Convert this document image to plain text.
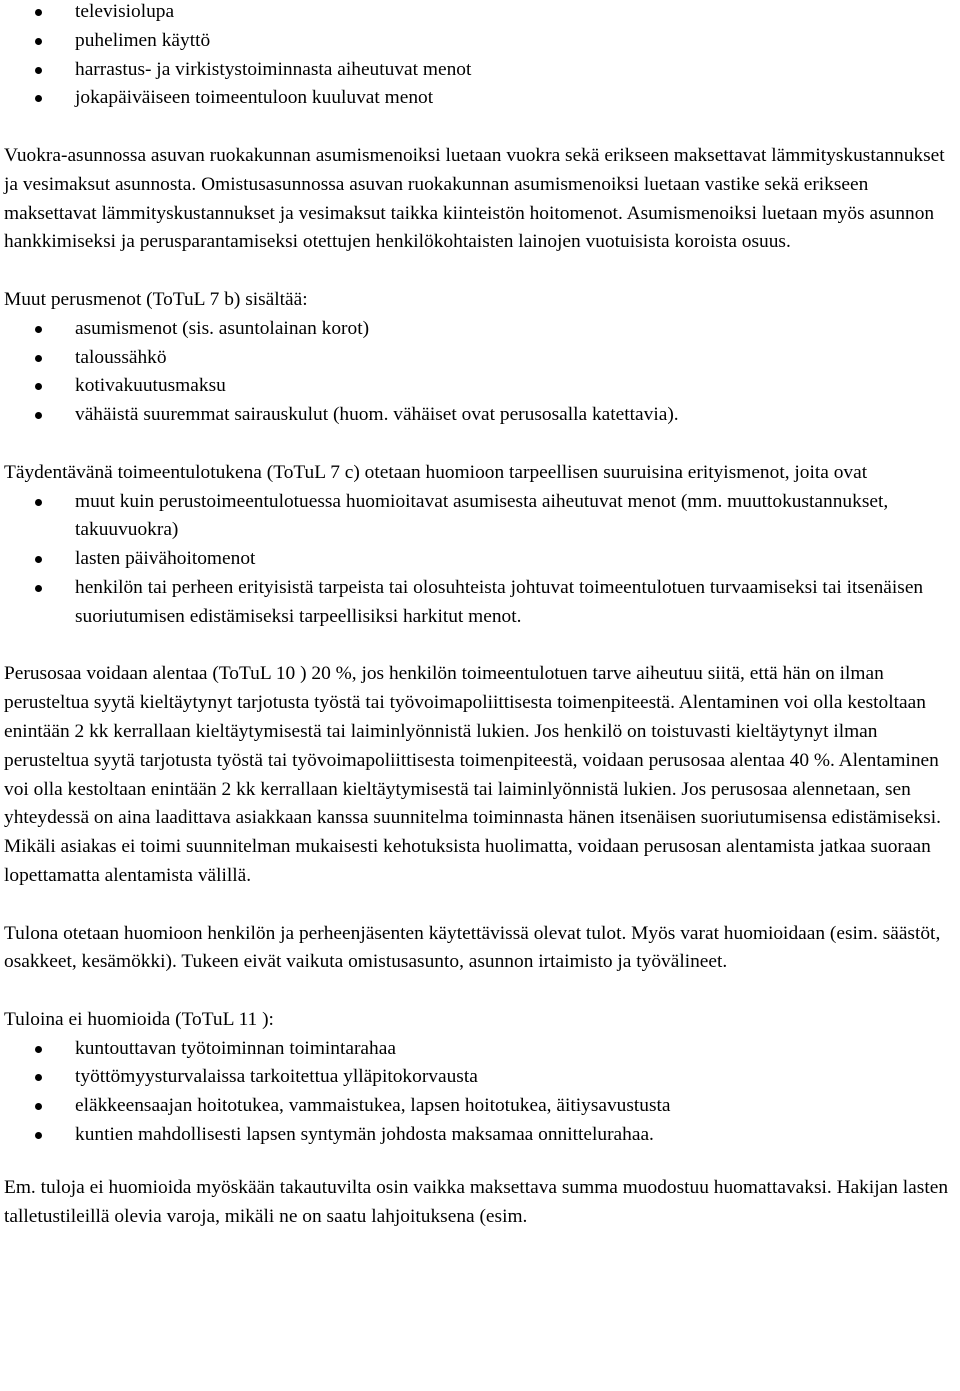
televisiolupa
puhelimen käyttö
harrastus- ja virkistystoiminnasta aiheutuvat menot
jokapäiväiseen toimeentuloon kuuluvat menot

Vuokra-asunnossa asuvan ruokakunnan asumismenoiksi luetaan vuokra sekä erikseen maksettavat lämmityskustannukset ja vesimaksut asunnosta. Omistusasunnossa asuvan ruokakunnan asumismenoiksi luetaan vastike sekä erikseen maksettavat lämmityskustannukset ja vesimaksut taikka kiinteistön hoitomenot. Asumismenoiksi luetaan myös asunnon hankkimiseksi ja perusparantamiseksi otettujen henkilökohtaisten lainojen vuotuisista koroista osuus.

Muut perusmenot (ToTuL 7 b) sisältää:

asumismenot (sis. asuntolainan korot)
taloussähkö
kotivakuutusmaksu
vähäistä suuremmat sairauskulut (huom. vähäiset ovat perusosalla katettavia).

Täydentävänä toimeentulotukena (ToTuL 7 c) otetaan huomioon tarpeellisen suuruisina erityismenot, joita ovat

muut kuin perustoimeentulotuessa huomioitavat asumisesta aiheutuvat menot (mm. muuttokustannukset, takuuvuokra)
lasten päivähoitomenot
henkilön tai perheen erityisistä tarpeista tai olosuhteista johtuvat toimeentulotuen turvaamiseksi tai itsenäisen suoriutumisen edistämiseksi tarpeellisiksi harkitut menot.

Perusosaa voidaan alentaa (ToTuL 10 ) 20 %, jos henkilön toimeentulotuen tarve aiheutuu siitä, että hän on ilman perusteltua syytä kieltäytynyt tarjotusta työstä tai työvoimapoliittisesta toimenpiteestä. Alentaminen voi olla kestoltaan enintään 2 kk kerrallaan kieltäytymisestä tai laiminlyönnistä lukien. Jos henkilö on toistuvasti kieltäytynyt ilman perusteltua syytä tarjotusta työstä tai työvoimapoliittisesta toimenpiteestä, voidaan perusosaa alentaa 40 %. Alentaminen voi olla kestoltaan enintään 2 kk kerrallaan kieltäytymisestä tai laiminlyönnistä lukien. Jos perusosaa alennetaan, sen yhteydessä on aina laadittava asiakkaan kanssa suunnitelma toiminnasta hänen itsenäisen suoriutumisensa edistämiseksi. Mikäli asiakas ei toimi suunnitelman mukaisesti kehotuksista huolimatta, voidaan perusosan alentamista jatkaa suoraan lopettamatta alentamista välillä.

Tulona otetaan huomioon henkilön ja perheenjäsenten käytettävissä olevat tulot. Myös varat huomioidaan (esim. säästöt, osakkeet, kesämökki). Tukeen eivät vaikuta omistusasunto, asunnon irtaimisto ja työvälineet.

Tuloina ei huomioida (ToTuL 11 ):

kuntouttavan työtoiminnan toimintarahaa
työttömyysturvalaissa tarkoitettua ylläpitokorvausta
eläkkeensaajan hoitotukea, vammaistukea, lapsen hoitotukea, äitiysavustusta
kuntien mahdollisesti lapsen syntymän johdosta maksamaa onnittelurahaa.

Em. tuloja ei huomioida myöskään takautuvilta osin vaikka maksettava summa muodostuu huomattavaksi. Hakijan lasten talletustileillä olevia varoja, mikäli ne on saatu lahjoituksena (esim.
